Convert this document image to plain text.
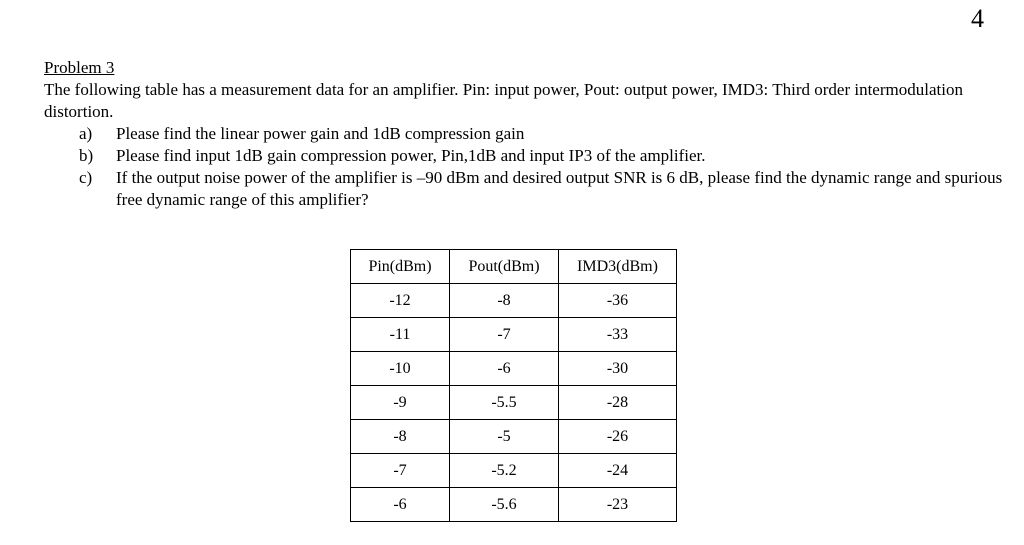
4
Problem 3

The following table has a measurement data for an amplifier. Pin: input power, Pout: output power, IMD3: Third order intermodulation distortion.

a) Please find the linear power gain and 1dB compression gain
b) Please find input 1dB gain compression power, Pin,1dB and input IP3 of the amplifier.
c) If the output noise power of the amplifier is –90 dBm and desired output SNR is 6 dB, please find the dynamic range and spurious free dynamic range of this amplifier?
Pin(dBm)	Pout(dBm)	IMD3(dBm)
-12	-8	-36
-11	-7	-33
-10	-6	-30
-9	-5.5	-28
-8	-5	-26
-7	-5.2	-24
-6	-5.6	-23
